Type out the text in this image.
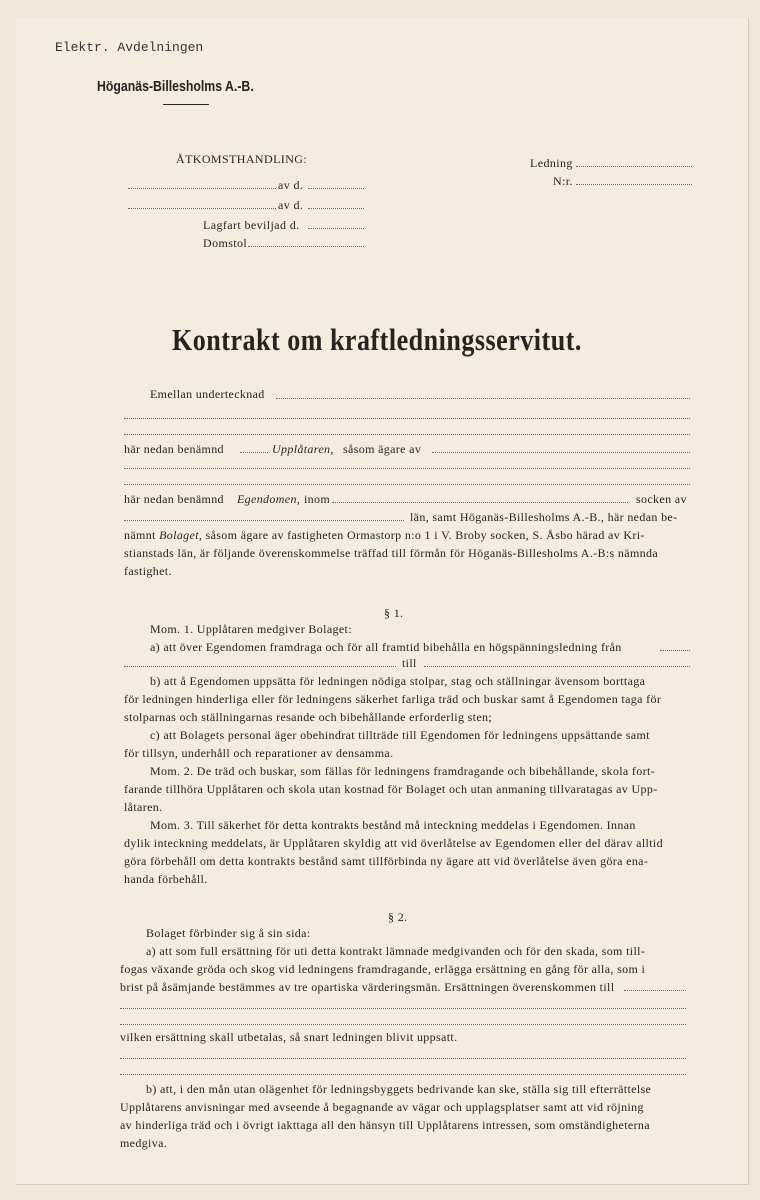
Elektr. Avdelningen
Höganäs-Billesholms A.-B.
ÅTKOMSTHANDLING:
av d.
av d.
Lagfart beviljad d.
Domstol
Ledning
N:r.
Kontrakt om kraftledningsservitut.
Emellan undertecknad
här nedan benämnd	Upplåtaren, såsom ägare av
här nedan benämnd Egendomen, inom	socken av
län, samt Höganäs-Billesholms A.-B., här nedan be-
nämnt Bolaget, såsom ägare av fastigheten Ormastorp n:o 1 i V. Broby socken, S. Åsbo härad av Kri-
stianstads län, är följande överenskommelse träffad till förmån för Höganäs-Billesholms A.-B:s nämnda
fastighet.
§ 1.
Mom. 1. Upplåtaren medgiver Bolaget:
a) att över Egendomen framdraga och för all framtid bibehålla en högspänningsledning från
till
b) att å Egendomen uppsätta för ledningen nödiga stolpar, stag och ställningar ävensom borttaga
för ledningen hinderliga eller för ledningens säkerhet farliga träd och buskar samt å Egendomen taga för
stolparnas och ställningarnas resande och bibehållande erforderlig sten;
c) att Bolagets personal äger obehindrat tillträde till Egendomen för ledningens uppsättande samt
för tillsyn, underhåll och reparationer av densamma.
Mom. 2. De träd och buskar, som fällas för ledningens framdragande och bibehållande, skola fort-
farande tillhöra Upplåtaren och skola utan kostnad för Bolaget och utan anmaning tillvaratagas av Upp-
låtaren.
Mom. 3. Till säkerhet för detta kontrakts bestånd må inteckning meddelas i Egendomen. Innan
dylik inteckning meddelats, är Upplåtaren skyldig att vid överlåtelse av Egendomen eller del därav alltid
göra förbehåll om detta kontrakts bestånd samt tillförbinda ny ägare att vid överlåtelse även göra ena-
handa förbehåll.
§ 2.
Bolaget förbinder sig å sin sida:
a) att som full ersättning för uti detta kontrakt lämnade medgivanden och för den skada, som till-
fogas växande gröda och skog vid ledningens framdragande, erlägga ersättning en gång för alla, som i
brist på åsämjande bestämmes av tre opartiska värderingsmän. Ersättningen överenskommen till
vilken ersättning skall utbetalas, så snart ledningen blivit uppsatt.
b) att, i den mån utan olägenhet för ledningsbyggets bedrivande kan ske, ställa sig till efterrättelse
Upplåtarens anvisningar med avseende å begagnande av vägar och upplagsplatser samt att vid röjning
av hinderliga träd och i övrigt iakttaga all den hänsyn till Upplåtarens intressen, som omständigheterna
medgiva.
